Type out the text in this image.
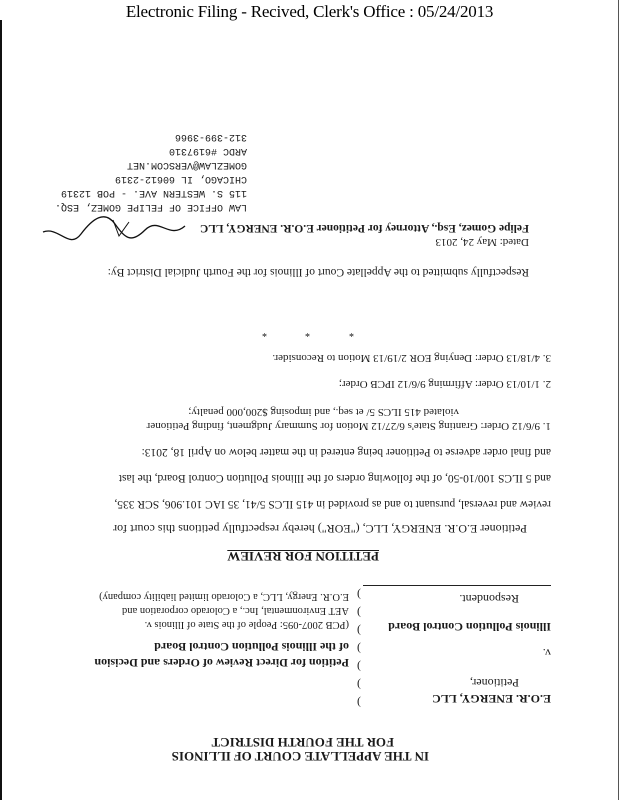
Electronic Filing - Recived, Clerk's Office : 05/24/2013
IN THE APPELLATE COURT OF ILLINOIS
FOR THE FOURTH DISTRICT
E.O.R. ENERGY, LLC
Petitioner,
v.
Illinois Pollution Control Board
Respondent.
)
)
)
)
)
)
)
Petition for Direct Review of Orders and Decision
of the Illinois Pollution Control Board
(PCB 2007-095: People of the State of Illinois v.
AET Environmental, Inc., a Colorado corporation and
E.O.R. Energy, LLC, a Colorado limited liability company)
PETITION FOR REVIEW
Petitioner E.O.R. ENERGY, LLC, ("EOR") hereby respectfully petitions this court for
review and reversal, pursuant to and as provided in 415 ILCS 5/41, 35 IAC 101.906, SCR 335,
and 5 ILCS 100/10-50, of the following orders of the Illinois Pollution Control Board, the last
and final order adverse to Petitioner being entered in the matter below on April 18, 2013:
1. 9/6/12 Order: Granting State's 6/27/12 Motion for Summary Judgment, finding Petitioner
violated 415 ILCS 5/ et seq., and imposing $200,000 penalty;
2. 1/10/13 Order: Affirming 9/6/12 IPCB Order;
3. 4/18/13 Order: Denying EOR 2/19/13 Motion to Reconsider.
*
*
*
Respectfully submitted to the Appellate Court of Illinois for the Fourth Judicial District By:
Dated: May 24, 2013
Felipe Gomez, Esq., Attorney for Petitioner E.O.R. ENERGY, LLC
LAW OFFICE OF FELIPE GOMEZ, ESQ.
115 S. WESTERN AVE. - POB 12319
CHICAGO, IL 60612-2319
GOMEZLAW@VERSCOM.NET
ARDC #6197310
312-399-3966
